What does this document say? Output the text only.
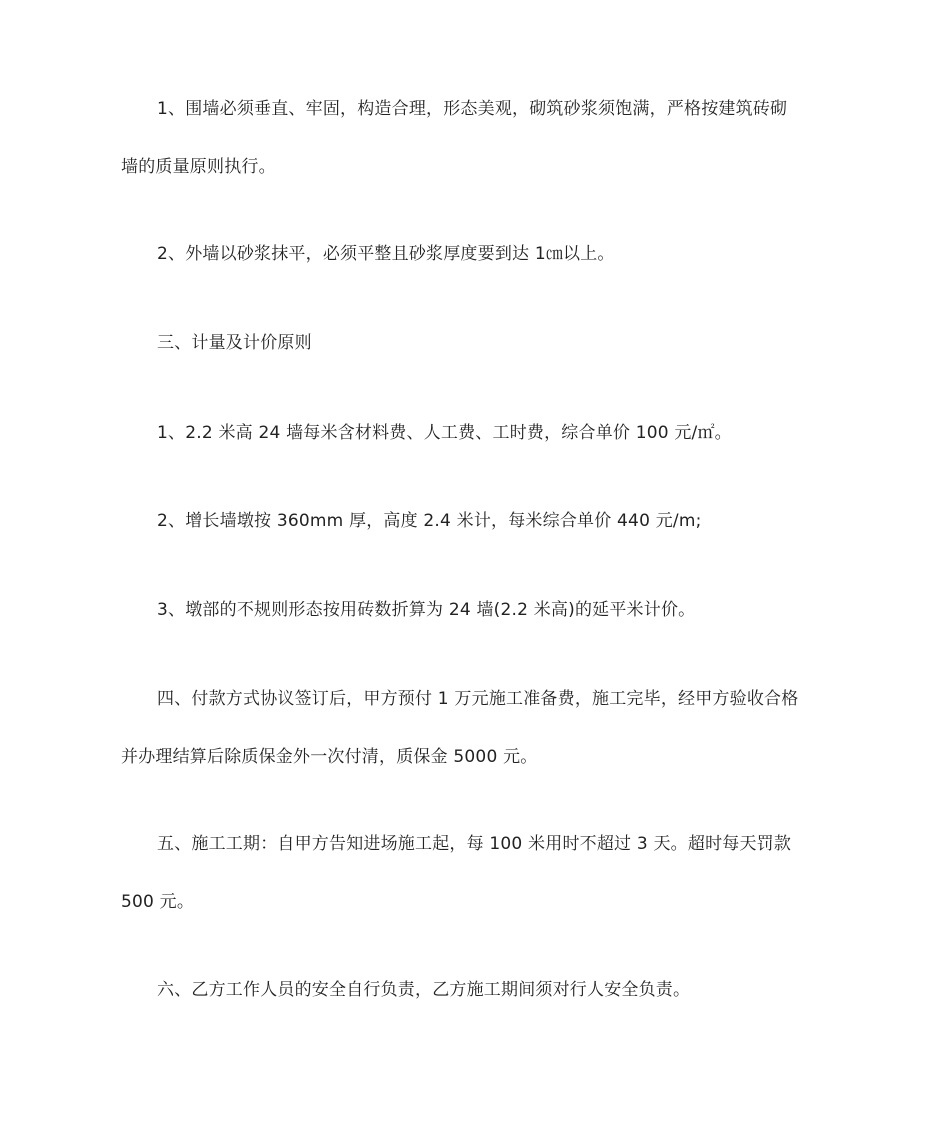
1、围墙必须垂直、牢固，构造合理，形态美观，砌筑砂浆须饱满，严格按建筑砖砌
墙的质量原则执行。
2、外墙以砂浆抹平，必须平整且砂浆厚度要到达 1㎝以上。
三、计量及计价原则
1、2.2 米高 24 墙每米含材料费、人工费、工时费，综合单价 100 元/㎡。
2、增长墙墩按 360mm 厚，高度 2.4 米计，每米综合单价 440 元/m;
3、墩部的不规则形态按用砖数折算为 24 墙(2.2 米高)的延平米计价。
四、付款方式协议签订后，甲方预付 1 万元施工准备费，施工完毕，经甲方验收合格
并办理结算后除质保金外一次付清，质保金 5000 元。
五、施工工期：自甲方告知进场施工起，每 100 米用时不超过 3 天。超时每天罚款
500 元。
六、乙方工作人员的安全自行负责，乙方施工期间须对行人安全负责。
